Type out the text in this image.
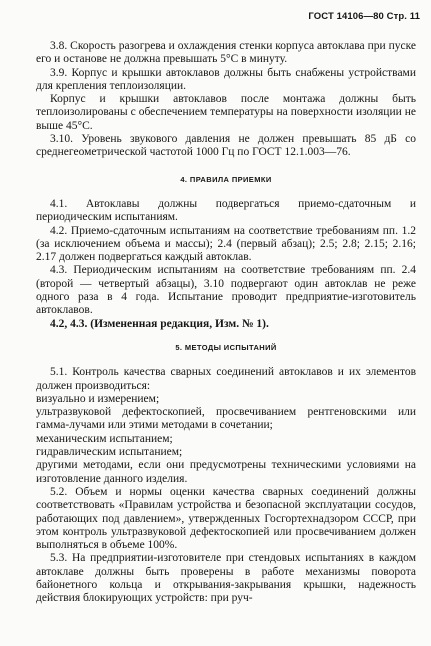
ГОСТ 14106—80 Стр. 11

3.8. Скорость разогрева и охлаждения стенки корпуса автоклава при пуске его и останове не должна превышать 5°С в минуту.

3.9. Корпус и крышки автоклавов должны быть снабжены устройствами для крепления теплоизоляции.

Корпус и крышки автоклавов после монтажа должны быть теплоизолированы с обеспечением температуры на поверхности изоляции не выше 45°С.

3.10. Уровень звукового давления не должен превышать 85 дБ со среднегеометрической частотой 1000 Гц по ГОСТ 12.1.003—76.

4. ПРАВИЛА ПРИЕМКИ

4.1. Автоклавы должны подвергаться приемо-сдаточным и периодическим испытаниям.

4.2. Приемо-сдаточным испытаниям на соответствие требованиям пп. 1.2 (за исключением объема и массы); 2.4 (первый абзац); 2.5; 2.8; 2.15; 2.16; 2.17 должен подвергаться каждый автоклав.

4.3. Периодическим испытаниям на соответствие требованиям пп. 2.4 (второй — четвертый абзацы), 3.10 подвергают один автоклав не реже одного раза в 4 года. Испытание проводит предприятие-изготовитель автоклавов.

4.2, 4.3. (Измененная редакция, Изм. № 1).

5. МЕТОДЫ ИСПЫТАНИЙ

5.1. Контроль качества сварных соединений автоклавов и их элементов должен производиться:

визуально и измерением;

ультразвуковой дефектоскопией, просвечиванием рентгеновскими или гамма-лучами или этими методами в сочетании;

механическим испытанием;

гидравлическим испытанием;

другими методами, если они предусмотрены техническими условиями на изготовление данного изделия.

5.2. Объем и нормы оценки качества сварных соединений должны соответствовать «Правилам устройства и безопасной эксплуатации сосудов, работающих под давлением», утвержденных Госгортехнадзором СССР, при этом контроль ультразвуковой дефектоскопией или просвечиванием должен выполняться в объеме 100%.

5.3. На предприятии-изготовителе при стендовых испытаниях в каждом автоклаве должны быть проверены в работе механизмы поворота байонетного кольца и открывания-закрывания крышки, надежность действия блокирующих устройств: при руч-
